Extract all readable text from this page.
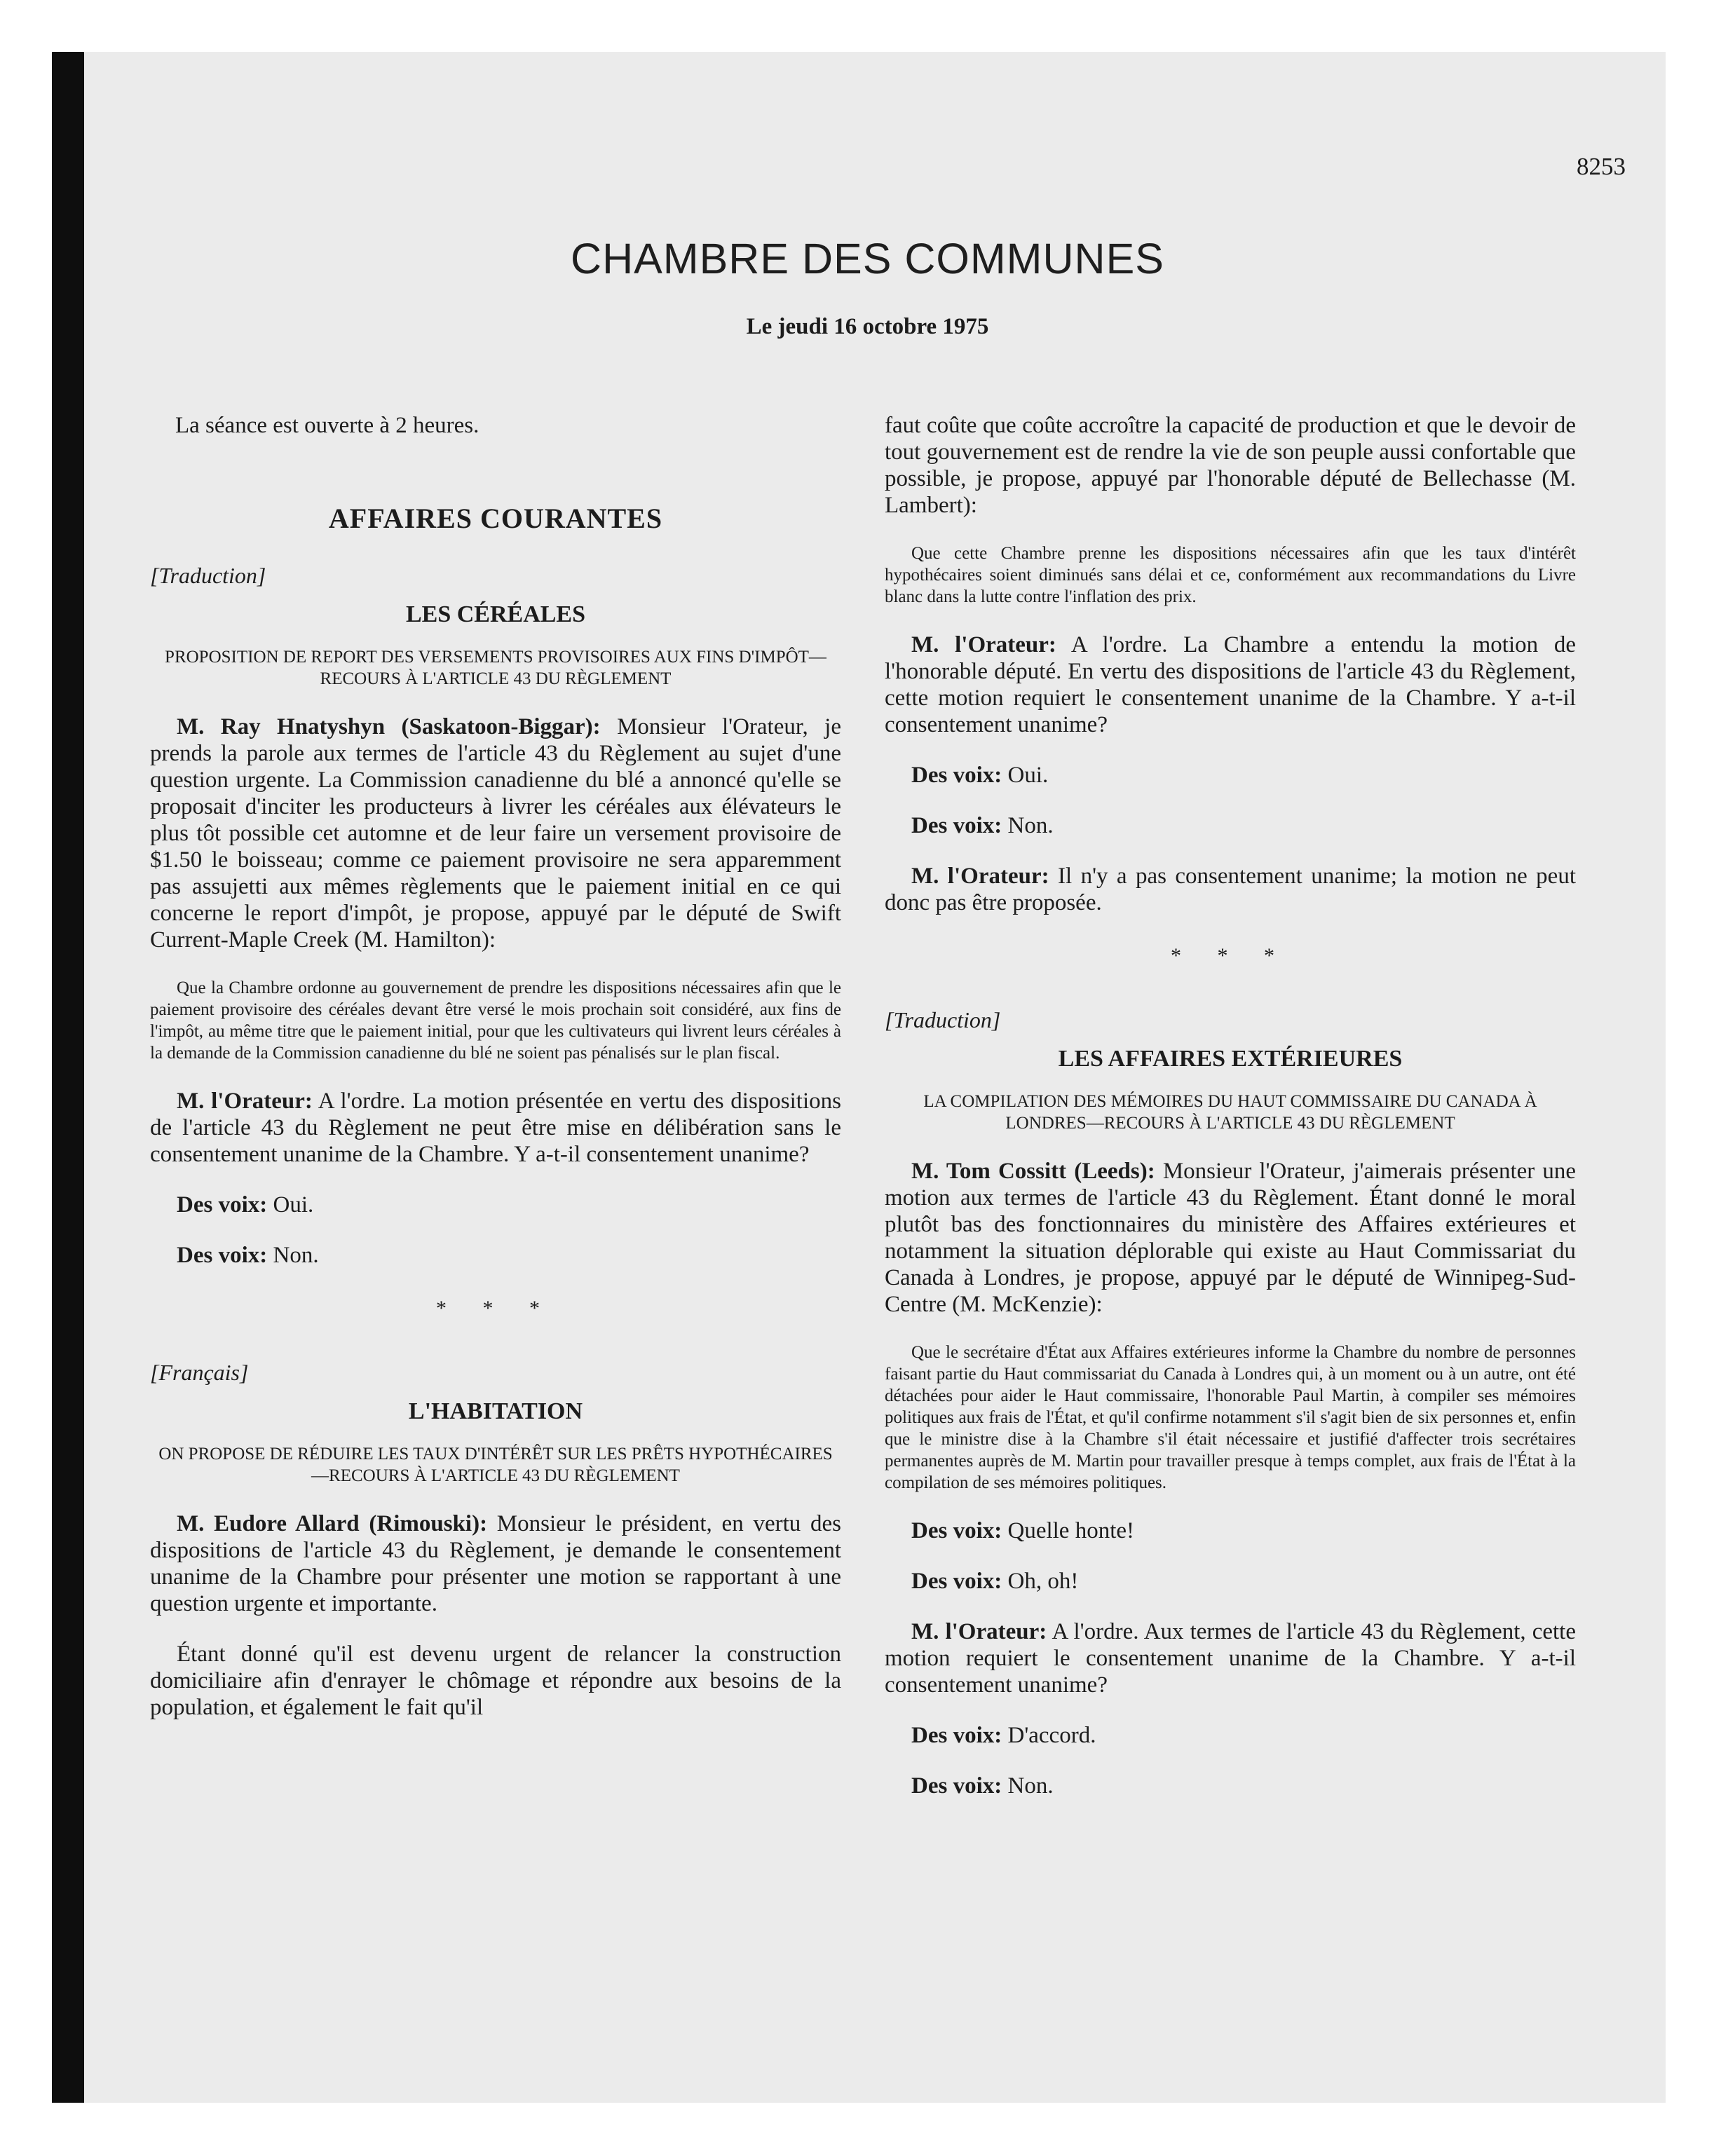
8253
CHAMBRE DES COMMUNES
Le jeudi 16 octobre 1975

La séance est ouverte à 2 heures.

AFFAIRES COURANTES
[Traduction]
LES CÉRÉALES
PROPOSITION DE REPORT DES VERSEMENTS PROVISOIRES AUX FINS D'IMPÔT—RECOURS À L'ARTICLE 43 DU RÈGLEMENT

M. Ray Hnatyshyn (Saskatoon-Biggar): Monsieur l'Orateur, je prends la parole aux termes de l'article 43 du Règlement au sujet d'une question urgente. La Commission canadienne du blé a annoncé qu'elle se proposait d'inciter les producteurs à livrer les céréales aux élévateurs le plus tôt possible cet automne et de leur faire un versement provisoire de $1.50 le boisseau; comme ce paiement provisoire ne sera apparemment pas assujetti aux mêmes règlements que le paiement initial en ce qui concerne le report d'impôt, je propose, appuyé par le député de Swift Current-Maple Creek (M. Hamilton):

Que la Chambre ordonne au gouvernement de prendre les dispositions nécessaires afin que le paiement provisoire des céréales devant être versé le mois prochain soit considéré, aux fins de l'impôt, au même titre que le paiement initial, pour que les cultivateurs qui livrent leurs céréales à la demande de la Commission canadienne du blé ne soient pas pénalisés sur le plan fiscal.

M. l'Orateur: A l'ordre. La motion présentée en vertu des dispositions de l'article 43 du Règlement ne peut être mise en délibération sans le consentement unanime de la Chambre. Y a-t-il consentement unanime?

Des voix: Oui.

Des voix: Non.

* * *
[Français]
L'HABITATION
ON PROPOSE DE RÉDUIRE LES TAUX D'INTÉRÊT SUR LES PRÊTS HYPOTHÉCAIRES—RECOURS À L'ARTICLE 43 DU RÈGLEMENT

M. Eudore Allard (Rimouski): Monsieur le président, en vertu des dispositions de l'article 43 du Règlement, je demande le consentement unanime de la Chambre pour présenter une motion se rapportant à une question urgente et importante.

Étant donné qu'il est devenu urgent de relancer la construction domiciliaire afin d'enrayer le chômage et répondre aux besoins de la population, et également le fait qu'il

faut coûte que coûte accroître la capacité de production et que le devoir de tout gouvernement est de rendre la vie de son peuple aussi confortable que possible, je propose, appuyé par l'honorable député de Bellechasse (M. Lambert):

Que cette Chambre prenne les dispositions nécessaires afin que les taux d'intérêt hypothécaires soient diminués sans délai et ce, conformément aux recommandations du Livre blanc dans la lutte contre l'inflation des prix.

M. l'Orateur: A l'ordre. La Chambre a entendu la motion de l'honorable député. En vertu des dispositions de l'article 43 du Règlement, cette motion requiert le consentement unanime de la Chambre. Y a-t-il consentement unanime?

Des voix: Oui.

Des voix: Non.

M. l'Orateur: Il n'y a pas consentement unanime; la motion ne peut donc pas être proposée.

* * *
[Traduction]
LES AFFAIRES EXTÉRIEURES
LA COMPILATION DES MÉMOIRES DU HAUT COMMISSAIRE DU CANADA À LONDRES—RECOURS À L'ARTICLE 43 DU RÈGLEMENT

M. Tom Cossitt (Leeds): Monsieur l'Orateur, j'aimerais présenter une motion aux termes de l'article 43 du Règlement. Étant donné le moral plutôt bas des fonctionnaires du ministère des Affaires extérieures et notamment la situation déplorable qui existe au Haut Commissariat du Canada à Londres, je propose, appuyé par le député de Winnipeg-Sud-Centre (M. McKenzie):

Que le secrétaire d'État aux Affaires extérieures informe la Chambre du nombre de personnes faisant partie du Haut commissariat du Canada à Londres qui, à un moment ou à un autre, ont été détachées pour aider le Haut commissaire, l'honorable Paul Martin, à compiler ses mémoires politiques aux frais de l'État, et qu'il confirme notamment s'il s'agit bien de six personnes et, enfin que le ministre dise à la Chambre s'il était nécessaire et justifié d'affecter trois secrétaires permanentes auprès de M. Martin pour travailler presque à temps complet, aux frais de l'État à la compilation de ses mémoires politiques.

Des voix: Quelle honte!

Des voix: Oh, oh!

M. l'Orateur: A l'ordre. Aux termes de l'article 43 du Règlement, cette motion requiert le consentement unanime de la Chambre. Y a-t-il consentement unanime?

Des voix: D'accord.

Des voix: Non.
